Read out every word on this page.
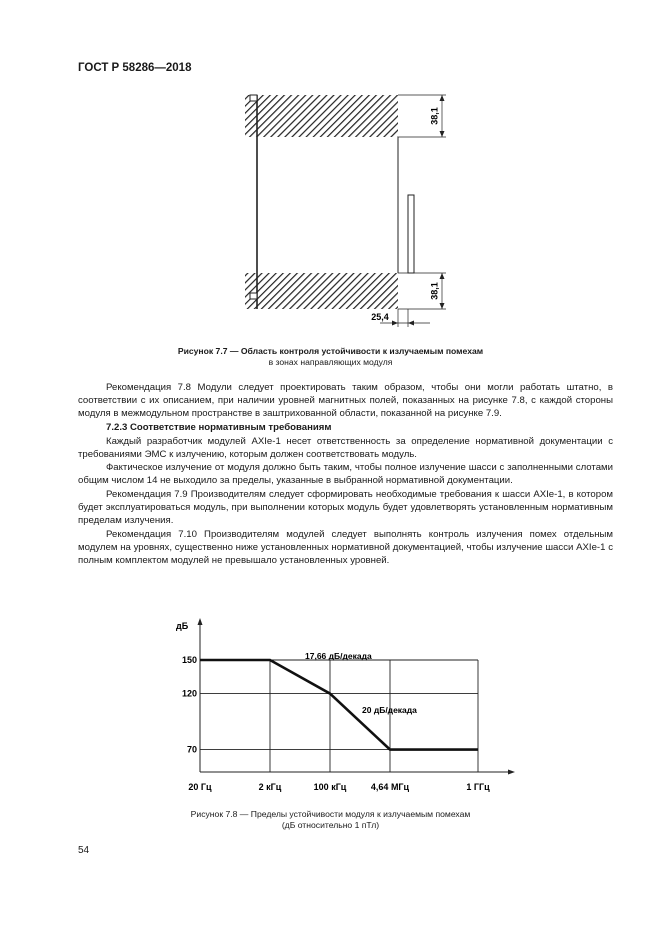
ГОСТ Р 58286—2018
38,1
38,1
25,4
Рисунок 7.7 — Область контроля устойчивости к излучаемым помехам
в зонах направляющих модуля

Рекомендация 7.8 Модули следует проектировать таким образом, чтобы они могли работать штатно, в соответствии с их описанием, при наличии уровней магнитных полей, показанных на рисунке 7.8, с каждой стороны модуля в межмодульном пространстве в заштрихованной области, показанной на рисунке 7.9.

7.2.3 Соответствие нормативным требованиям

Каждый разработчик модулей AXIe-1 несет ответственность за определение нормативной документации с требованиями ЭМС к излучению, которым должен соответствовать модуль.

Фактическое излучение от модуля должно быть таким, чтобы полное излучение шасси с заполненными слотами общим числом 14 не выходило за пределы, указанные в выбранной нормативной документации.

Рекомендация 7.9 Производителям следует сформировать необходимые требования к шасси AXIe-1, в котором будет эксплуатироваться модуль, при выполнении которых модуль будет удовлетворять установленным нормативным пределам излучения.

Рекомендация 7.10 Производителям модулей следует выполнять контроль излучения помех отдельным модулем на уровнях, существенно ниже установленных нормативной документацией, чтобы излучение шасси AXIe-1 с полным комплектом модулей не превышало установленных уровней.

дБ
150
120
70
20 Гц	2 кГц	100 кГц	4,64 МГц	1 ГГц
17,66 дБ/декада
20 дБ/декада
Рисунок 7.8 — Пределы устойчивости модуля к излучаемым помехам
(дБ относительно 1 пТл)
54
